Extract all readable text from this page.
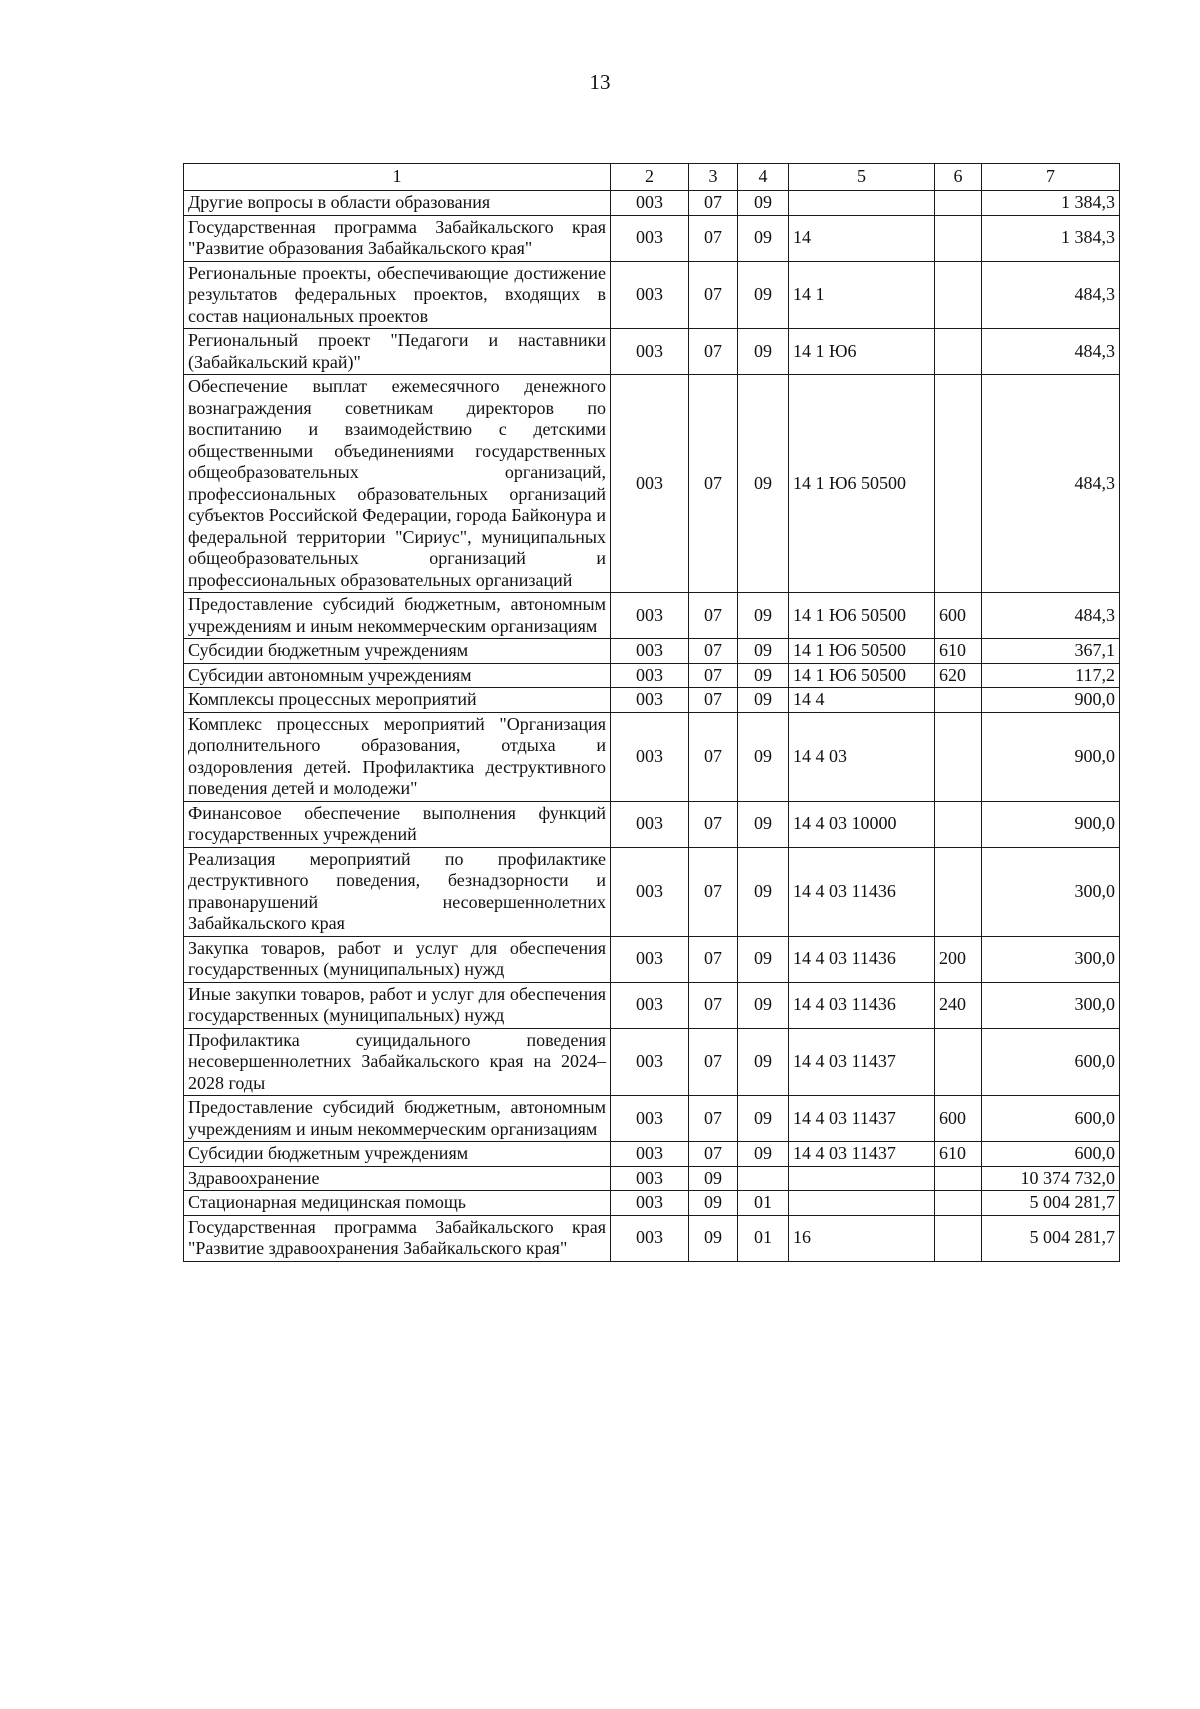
13
1	2	3	4	5	6	7
Другие вопросы в области образования	003	07	09			1 384,3
Государственная программа Забайкальского края "Развитие образования Забайкальского края"	003	07	09	14		1 384,3
Региональные проекты, обеспечивающие достижение результатов федеральных проектов, входящих в состав национальных проектов	003	07	09	14 1		484,3
Региональный проект "Педагоги и наставники (Забайкальский край)"	003	07	09	14 1 Ю6		484,3
Обеспечение выплат ежемесячного денежного вознаграждения советникам директоров по воспитанию и взаимодействию с детскими общественными объединениями государственных общеобразовательных организаций, профессиональных образовательных организаций субъектов Российской Федерации, города Байконура и федеральной территории "Сириус", муниципальных общеобразовательных организаций и профессиональных образовательных организаций	003	07	09	14 1 Ю6 50500		484,3
Предоставление субсидий бюджетным, автономным учреждениям и иным некоммерческим организациям	003	07	09	14 1 Ю6 50500	600	484,3
Субсидии бюджетным учреждениям	003	07	09	14 1 Ю6 50500	610	367,1
Субсидии автономным учреждениям	003	07	09	14 1 Ю6 50500	620	117,2
Комплексы процессных мероприятий	003	07	09	14 4		900,0
Комплекс процессных мероприятий "Организация дополнительного образования, отдыха и оздоровления детей. Профилактика деструктивного поведения детей и молодежи"	003	07	09	14 4 03		900,0
Финансовое обеспечение выполнения функций государственных учреждений	003	07	09	14 4 03 10000		900,0
Реализация мероприятий по профилактике деструктивного поведения, безнадзорности и правонарушений несовершеннолетних Забайкальского края	003	07	09	14 4 03 11436		300,0
Закупка товаров, работ и услуг для обеспечения государственных (муниципальных) нужд	003	07	09	14 4 03 11436	200	300,0
Иные закупки товаров, работ и услуг для обеспечения государственных (муниципальных) нужд	003	07	09	14 4 03 11436	240	300,0
Профилактика суицидального поведения несовершеннолетних Забайкальского края на 2024–2028 годы	003	07	09	14 4 03 11437		600,0
Предоставление субсидий бюджетным, автономным учреждениям и иным некоммерческим организациям	003	07	09	14 4 03 11437	600	600,0
Субсидии бюджетным учреждениям	003	07	09	14 4 03 11437	610	600,0
Здравоохранение	003	09				10 374 732,0
Стационарная медицинская помощь	003	09	01			5 004 281,7
Государственная программа Забайкальского края "Развитие здравоохранения Забайкальского края"	003	09	01	16		5 004 281,7
